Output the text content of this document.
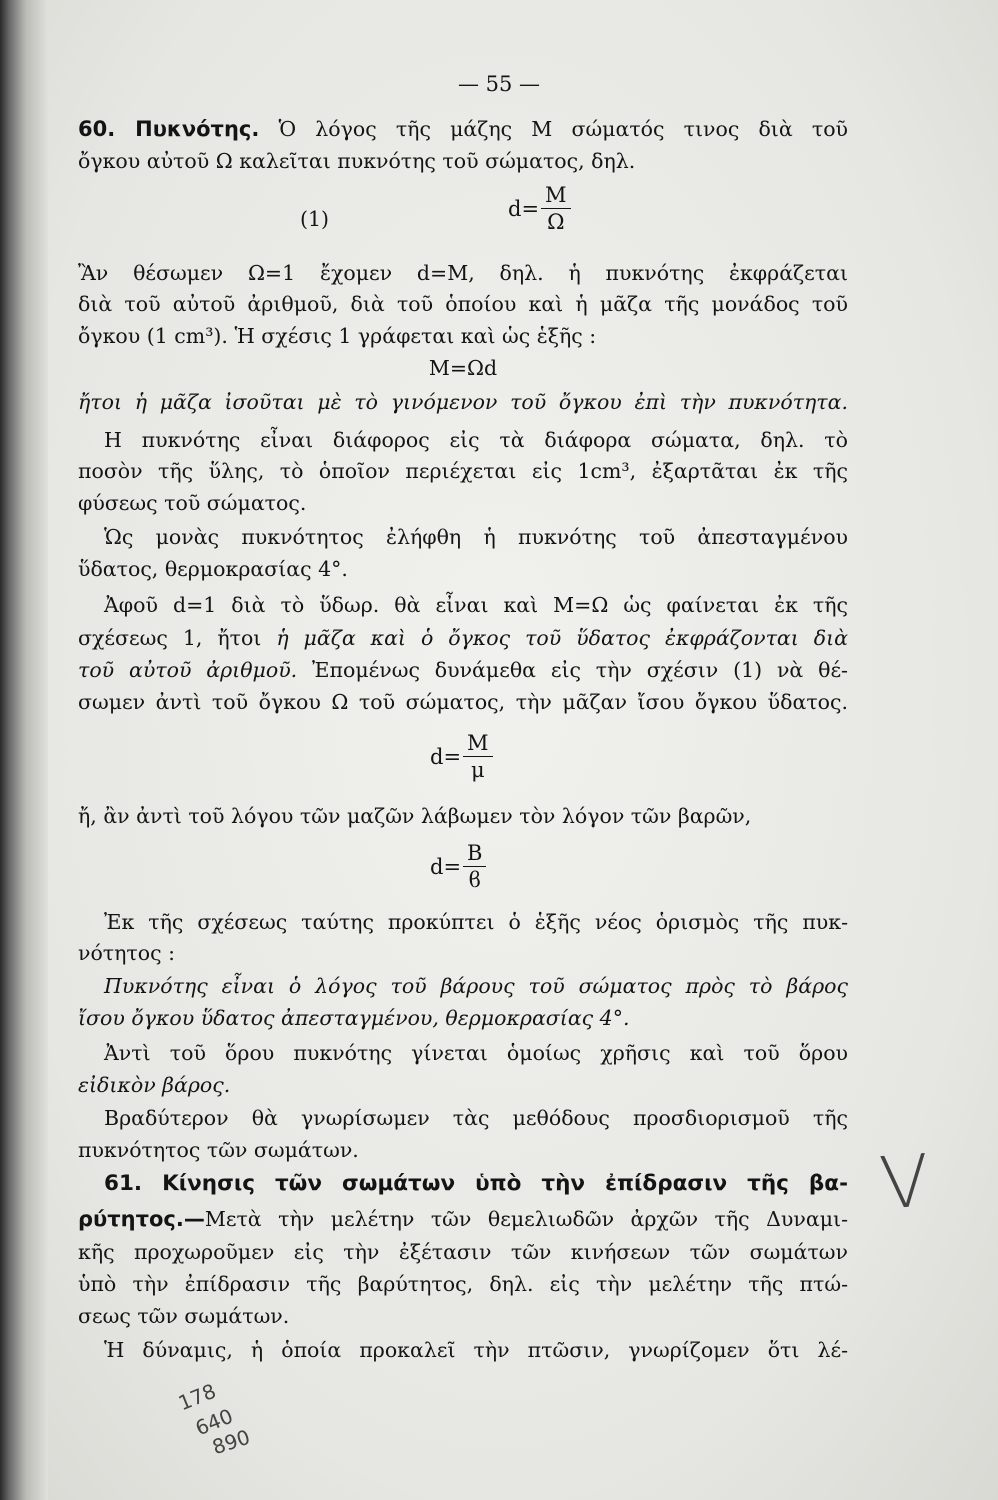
— 55 —
60. Πυκνότης. Ὁ λόγος τῆς μάζης M σώματός τινος διὰ τοῦ
ὄγκου αὐτοῦ Ω καλεῖται πυκνότης τοῦ σώματος, δηλ.
(1)	$d= \frac{M}{\Omega}$
Ἂν θέσωμεν Ω=1 ἔχομεν d=M, δηλ. ἡ πυκνότης ἐκφράζεται
διὰ τοῦ αὐτοῦ ἀριθμοῦ, διὰ τοῦ ὁποίου καὶ ἡ μᾶζα τῆς μονάδος τοῦ
ὄγκου (1 cm³). Ἡ σχέσις 1 γράφεται καὶ ὡς ἑξῆς :
M=Ωd
ἤτοι ἡ μᾶζα ἰσοῦται μὲ τὸ γινόμενον τοῦ ὄγκου ἐπὶ τὴν πυκνότητα.
Η πυκνότης εἶναι διάφορος εἰς τὰ διάφορα σώματα, δηλ. τὸ
ποσὸν τῆς ὕλης, τὸ ὁποῖον περιέχεται εἰς 1cm³, ἐξαρτᾶται ἐκ τῆς
φύσεως τοῦ σώματος.
Ὡς μονὰς πυκνότητος ἐλήφθη ἡ πυκνότης τοῦ ἀπεσταγμένου
ὕδατος, θερμοκρασίας 4°.
Ἀφοῦ d=1 διὰ τὸ ὕδωρ. θὰ εἶναι καὶ M=Ω ὡς φαίνεται ἐκ τῆς
σχέσεως 1, ἤτοι ἡ μᾶζα καὶ ὁ ὄγκος τοῦ ὕδατος ἐκφράζονται διὰ
τοῦ αὐτοῦ ἀριθμοῦ. Ἐπομένως δυνάμεθα εἰς τὴν σχέσιν (1) νὰ θέ-
σωμεν ἀντὶ τοῦ ὄγκου Ω τοῦ σώματος, τὴν μᾶζαν ἴσου ὄγκου ὕδατος.
$d= \frac{M}{\mu}$
ἤ, ἂν ἀντὶ τοῦ λόγου τῶν μαζῶν λάβωμεν τὸν λόγον τῶν βαρῶν,
$d= \frac{B}{ϐ}$
Ἐκ τῆς σχέσεως ταύτης προκύπτει ὁ ἑξῆς νέος ὁρισμὸς τῆς πυκ-
νότητος :
Πυκνότης εἶναι ὁ λόγος τοῦ βάρους τοῦ σώματος πρὸς τὸ βάρος
ἴσου ὄγκου ὕδατος ἀπεσταγμένου, θερμοκρασίας 4°.
Ἀντὶ τοῦ ὅρου πυκνότης γίνεται ὁμοίως χρῆσις καὶ τοῦ ὅρου
εἰδικὸν βάρος.
Βραδύτερον θὰ γνωρίσωμεν τὰς μεθόδους προσδιορισμοῦ τῆς
πυκνότητος τῶν σωμάτων.
61. Κίνησις τῶν σωμάτων ὑπὸ τὴν ἐπίδρασιν τῆς βα-
ρύτητος.—Μετὰ τὴν μελέτην τῶν θεμελιωδῶν ἀρχῶν τῆς Δυναμι-
κῆς προχωροῦμεν εἰς τὴν ἐξέτασιν τῶν κινήσεων τῶν σωμάτων
ὑπὸ τὴν ἐπίδρασιν τῆς βαρύτητος, δηλ. εἰς τὴν μελέτην τῆς πτώ-
σεως τῶν σωμάτων.
Ἡ δύναμις, ἡ ὁποία προκαλεῖ τὴν πτῶσιν, γνωρίζομεν ὅτι λέ-
V
178
640
890
